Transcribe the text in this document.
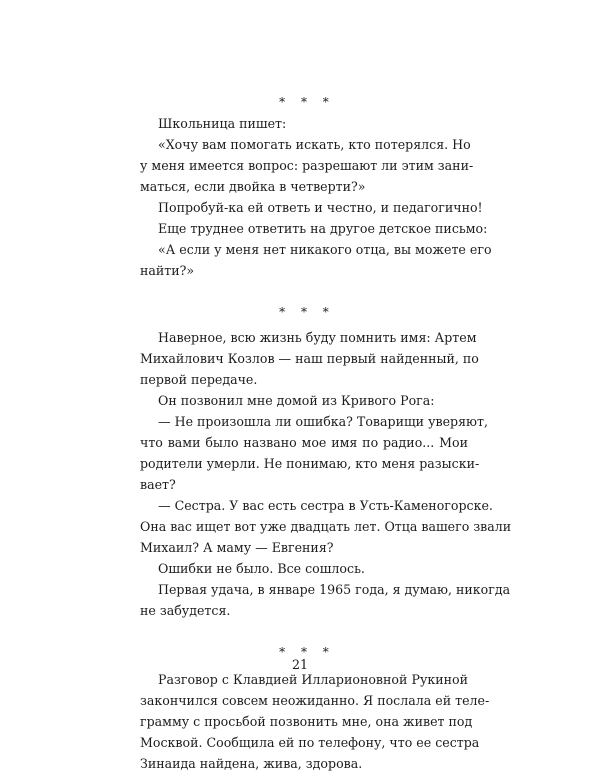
* * *
Школьница пишет:
«Хочу вам помогать искать, кто потерялся. Но
у меня имеется вопрос: разрешают ли этим зани-
маться, если двойка в четверти?»
Попробуй-ка ей ответь и честно, и педагогично!
Еще труднее ответить на другое детское письмо:
«А если у меня нет никакого отца, вы можете его
найти?»
* * *
Наверное, всю жизнь буду помнить имя: Артем
Михайлович Козлов — наш первый найденный, по
первой передаче.
Он позвонил мне домой из Кривого Рога:
— Не произошла ли ошибка? Товарищи уверяют,
что вами было названо мое имя по радио... Мои
родители умерли. Не понимаю, кто меня разыски-
вает?
— Сестра. У вас есть сестра в Усть-Каменогорске.
Она вас ищет вот уже двадцать лет. Отца вашего звали
Михаил? А маму — Евгения?
Ошибки не было. Все сошлось.
Первая удача, в январе 1965 года, я думаю, никогда
не забудется.
* * *
Разговор с Клавдией Илларионовной Рукиной
закончился совсем неожиданно. Я послала ей теле-
грамму с просьбой позвонить мне, она живет под
Москвой. Сообщила ей по телефону, что ее сестра
Зинаида найдена, жива, здорова.
21
